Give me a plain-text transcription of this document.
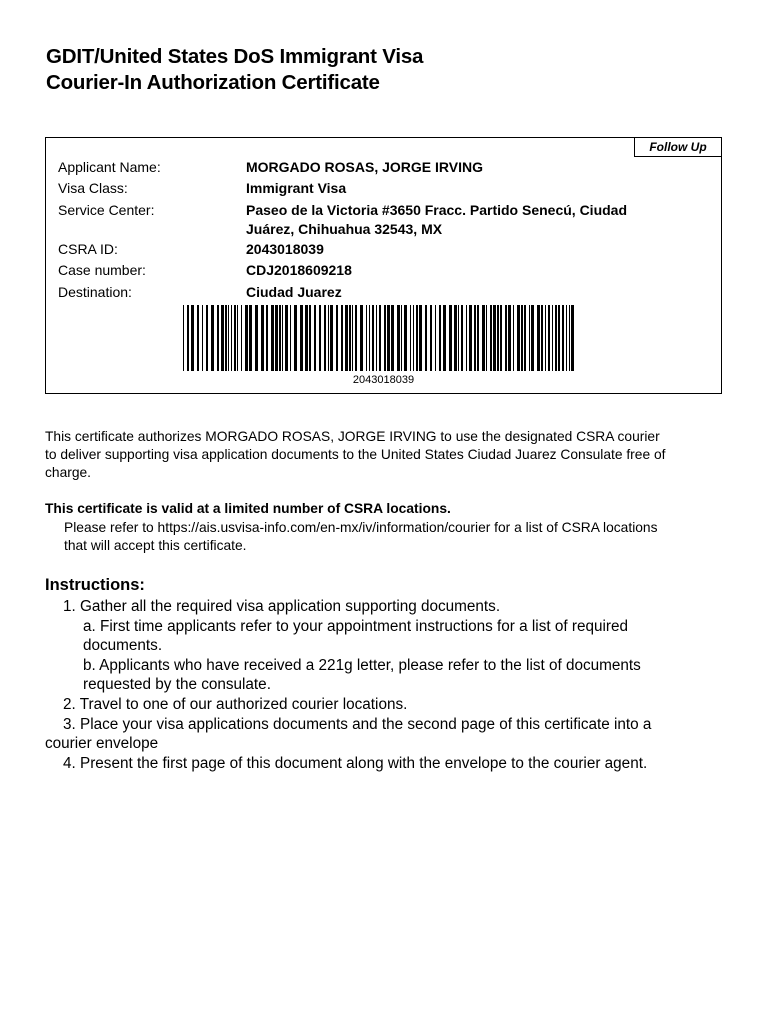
GDIT/United States DoS Immigrant Visa
Courier-In Authorization Certificate
Follow Up
Applicant Name:	MORGADO ROSAS, JORGE IRVING
Visa Class:	Immigrant Visa
Service Center:	Paseo de la Victoria #3650 Fracc. Partido Senecú, Ciudad
Juárez, Chihuahua 32543, MX
CSRA ID:	2043018039
Case number:	CDJ2018609218
Destination:	Ciudad Juarez
2043018039
This certificate authorizes MORGADO ROSAS, JORGE IRVING to use the designated CSRA courier
to deliver supporting visa application documents to the United States Ciudad Juarez Consulate free of
charge.
This certificate is valid at a limited number of CSRA locations.
Please refer to https://ais.usvisa-info.com/en-mx/iv/information/courier for a list of CSRA locations
that will accept this certificate.
Instructions:
1. Gather all the required visa application supporting documents.
a. First time applicants refer to your appointment instructions for a list of required
documents.
b. Applicants who have received a 221g letter, please refer to the list of documents
requested by the consulate.
2. Travel to one of our authorized courier locations.
3. Place your visa applications documents and the second page of this certificate into a
courier envelope
4. Present the first page of this document along with the envelope to the courier agent.
